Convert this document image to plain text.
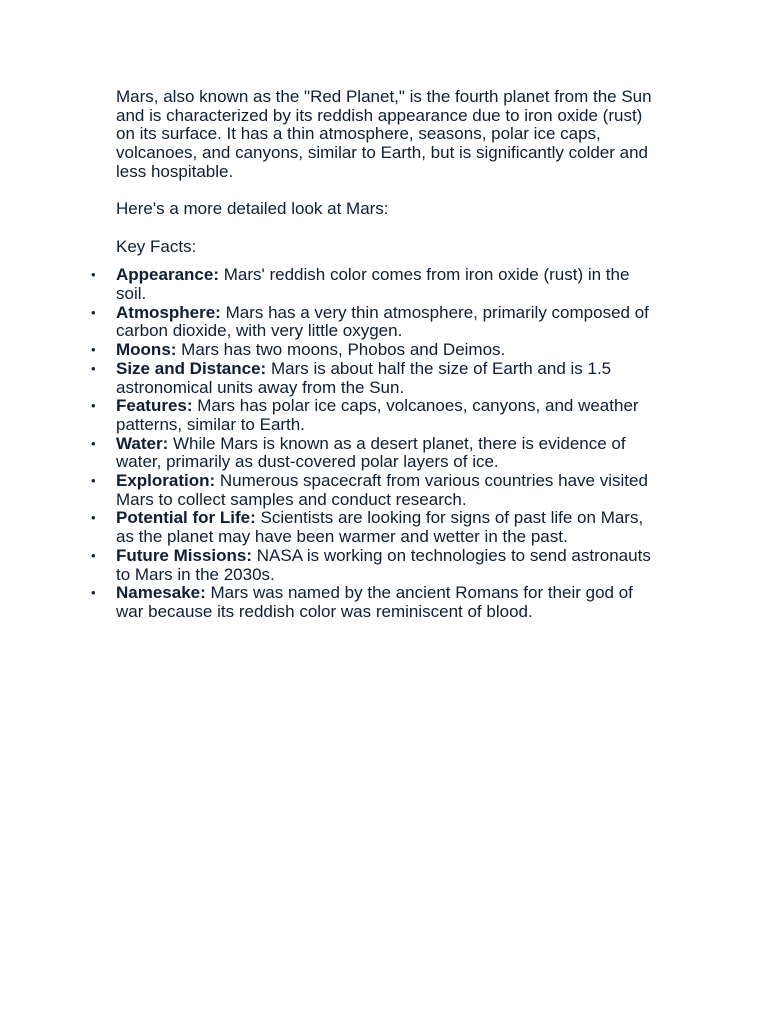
Mars, also known as the "Red Planet," is the fourth planet from the Sun and is characterized by its reddish appearance due to iron oxide (rust) on its surface. It has a thin atmosphere, seasons, polar ice caps, volcanoes, and canyons, similar to Earth, but is significantly colder and less hospitable.

Here's a more detailed look at Mars:

Key Facts:

• Appearance: Mars' reddish color comes from iron oxide (rust) in the soil.
• Atmosphere: Mars has a very thin atmosphere, primarily composed of carbon dioxide, with very little oxygen.
• Moons: Mars has two moons, Phobos and Deimos.
• Size and Distance: Mars is about half the size of Earth and is 1.5 astronomical units away from the Sun.
• Features: Mars has polar ice caps, volcanoes, canyons, and weather patterns, similar to Earth.
• Water: While Mars is known as a desert planet, there is evidence of water, primarily as dust-covered polar layers of ice.
• Exploration: Numerous spacecraft from various countries have visited Mars to collect samples and conduct research.
• Potential for Life: Scientists are looking for signs of past life on Mars, as the planet may have been warmer and wetter in the past.
• Future Missions: NASA is working on technologies to send astronauts to Mars in the 2030s.
• Namesake: Mars was named by the ancient Romans for their god of war because its reddish color was reminiscent of blood.
